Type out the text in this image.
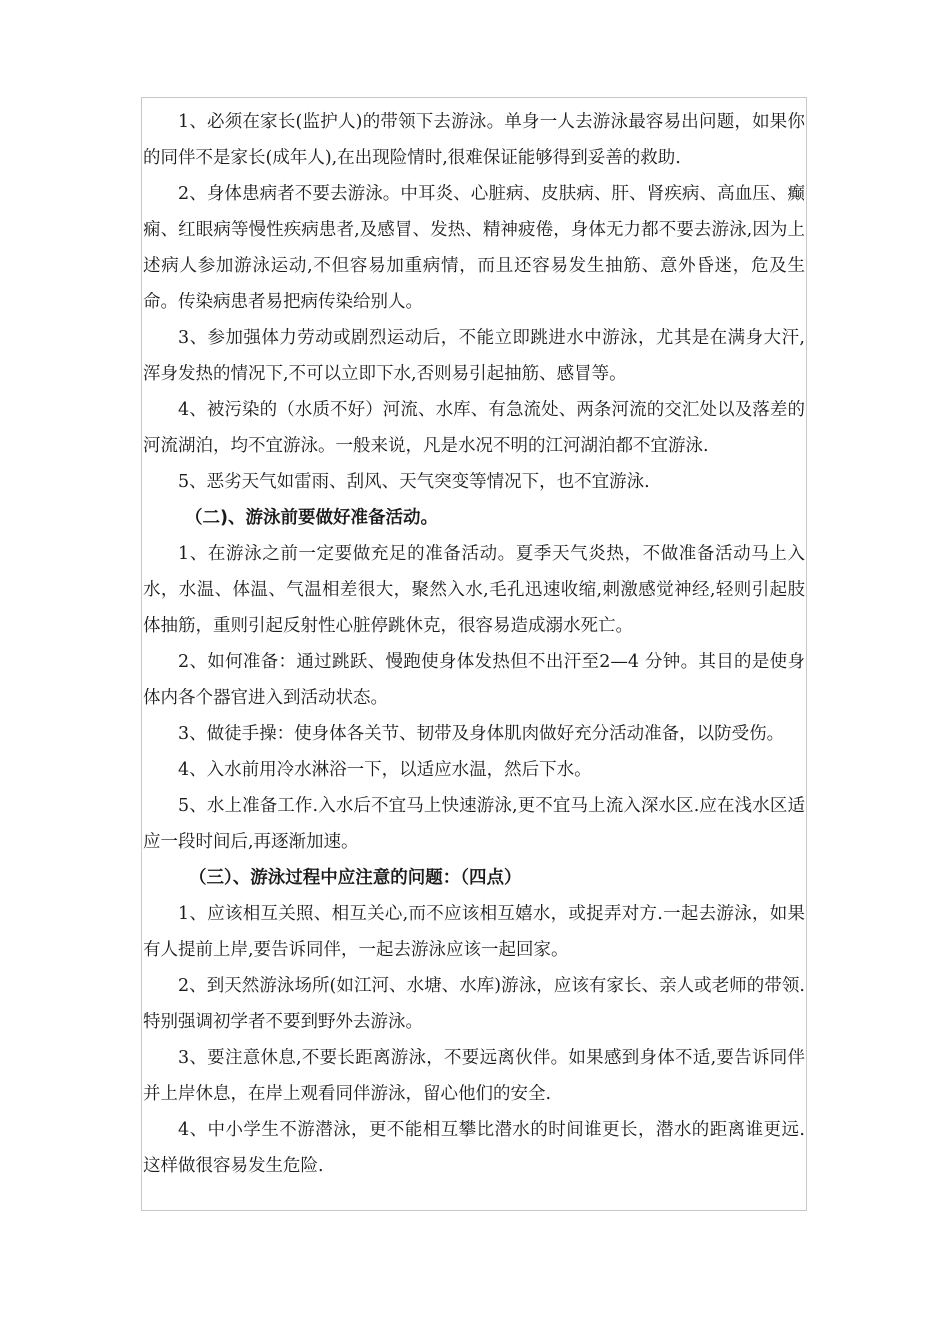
1、必须在家长(监护人)的带领下去游泳。单身一人去游泳最容易出问题，如果你的同伴不是家长(成年人),在出现险情时,很难保证能够得到妥善的救助.

2、身体患病者不要去游泳。中耳炎、心脏病、皮肤病、肝、肾疾病、高血压、癫痫、红眼病等慢性疾病患者,及感冒、发热、精神疲倦，身体无力都不要去游泳,因为上述病人参加游泳运动,不但容易加重病情，而且还容易发生抽筋、意外昏迷，危及生命。传染病患者易把病传染给别人。

3、参加强体力劳动或剧烈运动后，不能立即跳进水中游泳，尤其是在满身大汗,浑身发热的情况下,不可以立即下水,否则易引起抽筋、感冒等。

4、被污染的（水质不好）河流、水库、有急流处、两条河流的交汇处以及落差的河流湖泊，均不宜游泳。一般来说，凡是水况不明的江河湖泊都不宜游泳.

5、恶劣天气如雷雨、刮风、天气突变等情况下，也不宜游泳.

（二)、游泳前要做好准备活动。

1、在游泳之前一定要做充足的准备活动。夏季天气炎热，不做准备活动马上入水，水温、体温、气温相差很大，聚然入水,毛孔迅速收缩,刺激感觉神经,轻则引起肢体抽筋，重则引起反射性心脏停跳休克，很容易造成溺水死亡。

2、如何准备：通过跳跃、慢跑使身体发热但不出汗至2—4 分钟。其目的是使身体内各个器官进入到活动状态。

3、做徒手操：使身体各关节、韧带及身体肌肉做好充分活动准备，以防受伤。

4、入水前用冷水淋浴一下，以适应水温，然后下水。

5、水上准备工作.入水后不宜马上快速游泳,更不宜马上流入深水区.应在浅水区适应一段时间后,再逐渐加速。

（三）、游泳过程中应注意的问题：（四点）

1、应该相互关照、相互关心,而不应该相互嬉水，或捉弄对方.一起去游泳，如果有人提前上岸,要告诉同伴，一起去游泳应该一起回家。

2、到天然游泳场所(如江河、水塘、水库)游泳，应该有家长、亲人或老师的带领.特别强调初学者不要到野外去游泳。

3、要注意休息,不要长距离游泳，不要远离伙伴。如果感到身体不适,要告诉同伴并上岸休息，在岸上观看同伴游泳，留心他们的安全.

4、中小学生不游潜泳，更不能相互攀比潜水的时间谁更长，潜水的距离谁更远.这样做很容易发生危险.
